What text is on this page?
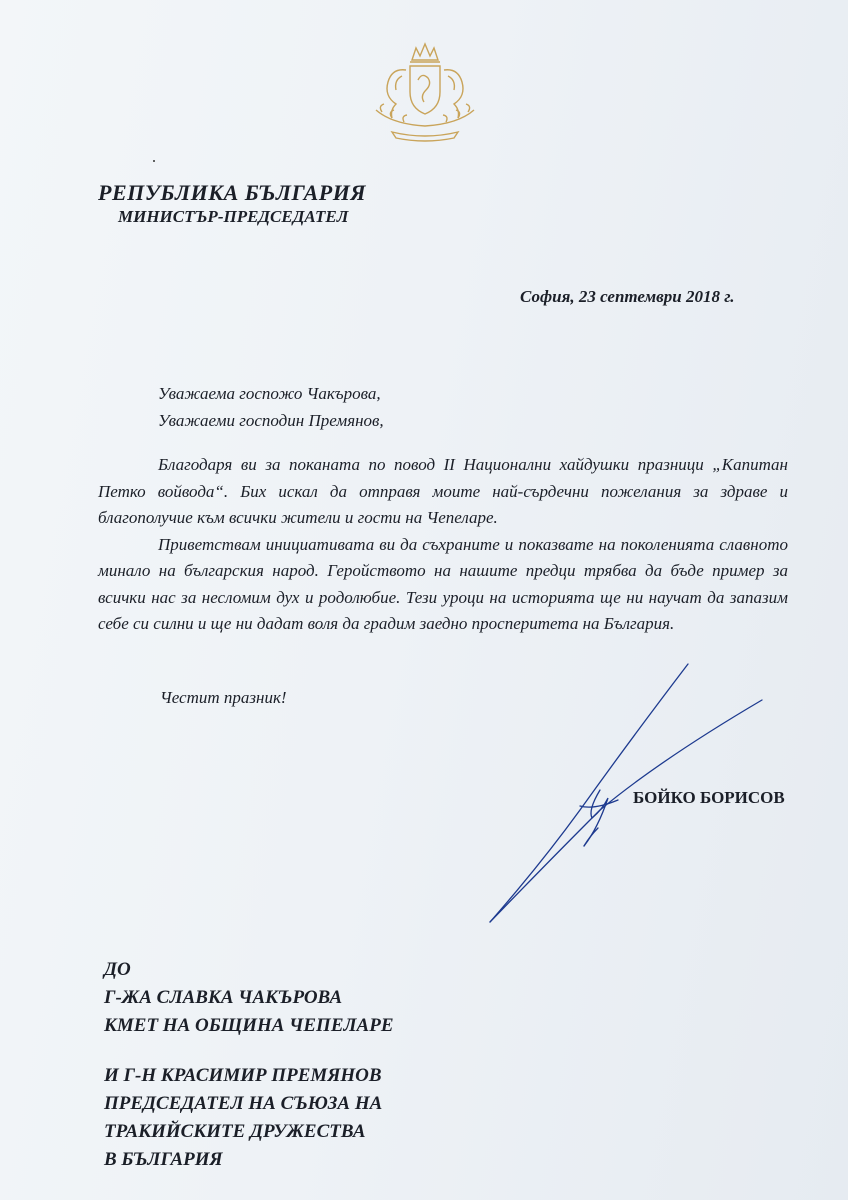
РЕПУБЛИКА БЪЛГАРИЯ
МИНИСТЪР-ПРЕДСЕДАТЕЛ
София, 23 септември 2018 г.
Уважаема госпожо Чакърова,
Уважаеми господин Премянов,

Благодаря ви за поканата по повод II Национални хайдушки празници „Капитан Петко войвода“. Бих искал да отправя моите най-сърдечни пожелания за здраве и благополучие към всички жители и гости на Чепеларе.

Приветствам инициативата ви да съхраните и показвате на поколенията славното минало на българския народ. Геройството на нашите предци трябва да бъде пример за всички нас за несломим дух и родолюбие. Тези уроци на историята ще ни научат да запазим себе си силни и ще ни дадат воля да градим заедно просперитета на България.

Честит празник!
БОЙКО БОРИСОВ
ДО
Г-ЖА СЛАВКА ЧАКЪРОВА
КМЕТ НА ОБЩИНА ЧЕПЕЛАРЕ
И Г-Н КРАСИМИР ПРЕМЯНОВ
ПРЕДСЕДАТЕЛ НА СЪЮЗА НА
ТРАКИЙСКИТЕ ДРУЖЕСТВА
В БЪЛГАРИЯ
